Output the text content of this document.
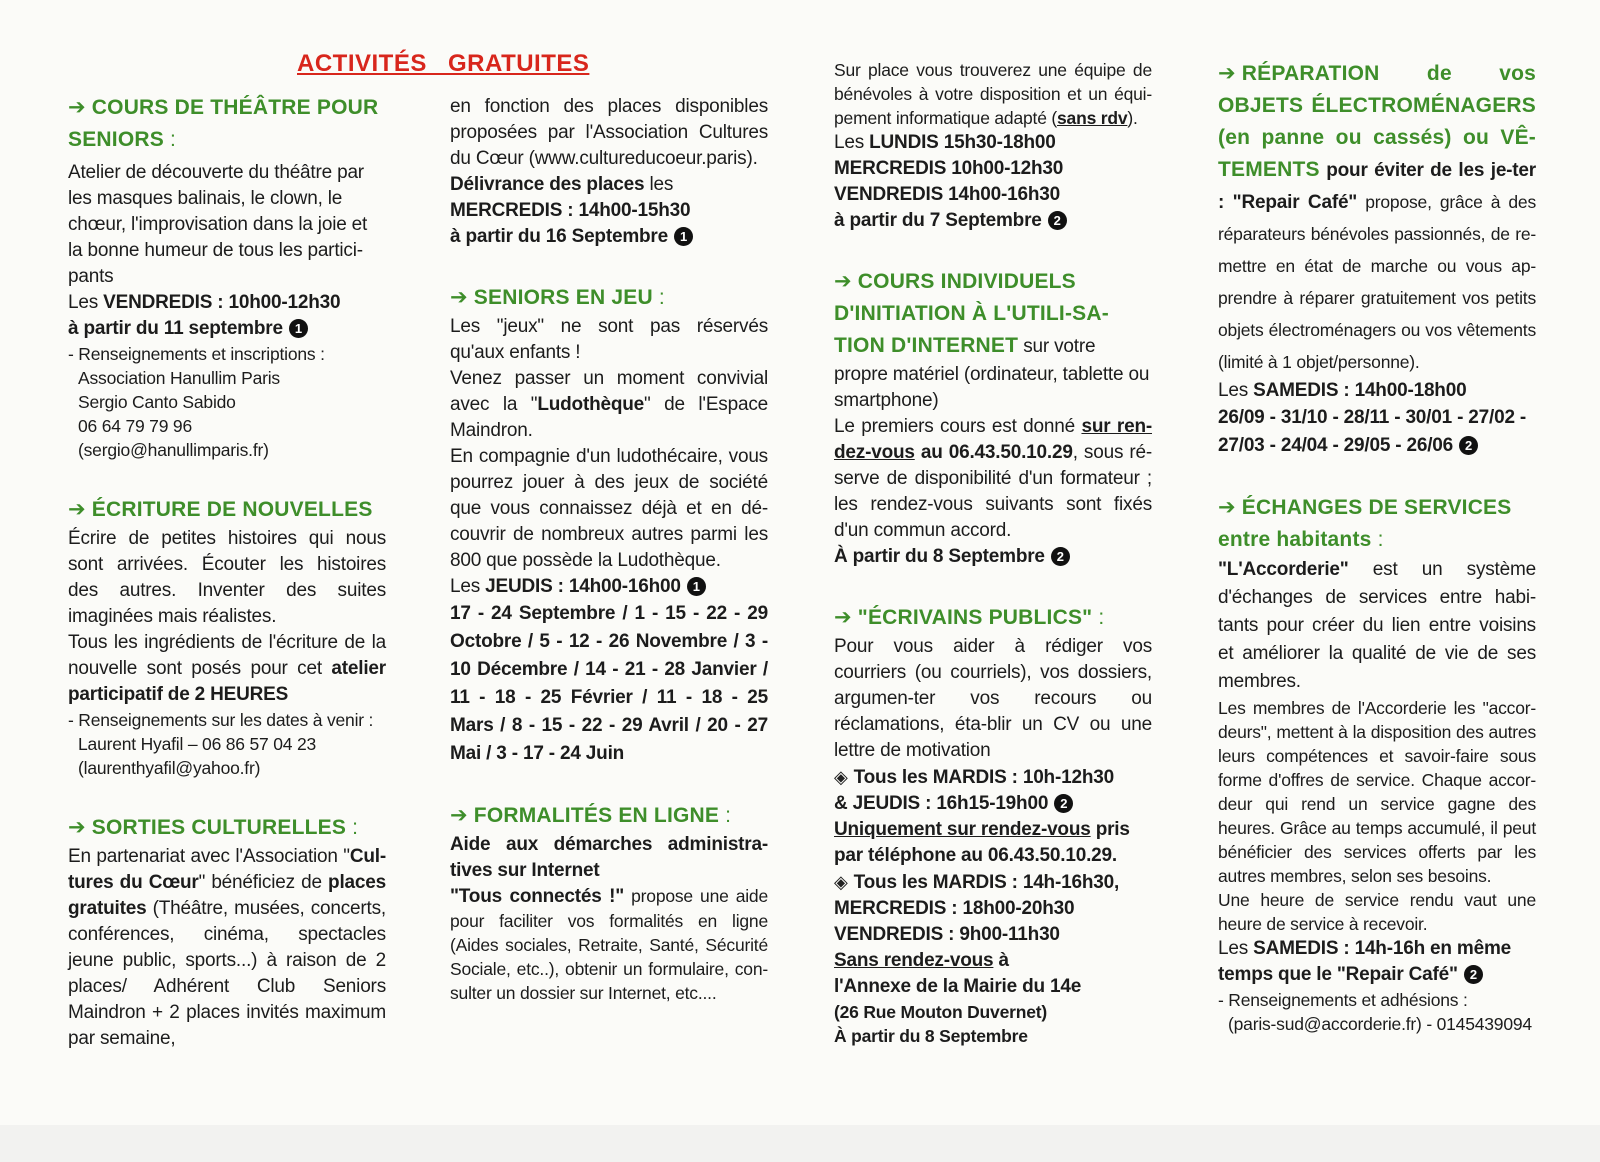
ACTIVITÉS GRATUITES
➔ COURS DE THÉÂTRE POUR SENIORS :
Atelier de découverte du théâtre par les masques balinais, le clown, le chœur, l'improvisation dans la joie et la bonne humeur de tous les partici-pants
Les VENDREDIS : 10h00-12h30
à partir du 11 septembre 1
- Renseignements et inscriptions :
Association Hanullim Paris
Sergio Canto Sabido
06 64 79 79 96
(sergio@hanullimparis.fr)
➔ ÉCRITURE DE NOUVELLES
Écrire de petites histoires qui nous sont arrivées. Écouter les histoires des autres. Inventer des suites imaginées mais réalistes.
Tous les ingrédients de l'écriture de la nouvelle sont posés pour cet atelier participatif de 2 HEURES
- Renseignements sur les dates à venir :
Laurent Hyafil – 06 86 57 04 23
(laurenthyafil@yahoo.fr)
➔ SORTIES CULTURELLES :
En partenariat avec l'Association "Cul-tures du Cœur" bénéficiez de places gratuites (Théâtre, musées, concerts, conférences, cinéma, spectacles jeune public, sports...) à raison de 2 places/ Adhérent Club Seniors Maindron + 2 places invités maximum par semaine,
en fonction des places disponibles proposées par l'Association Cultures du Cœur (www.cultureducoeur.paris).
Délivrance des places les
MERCREDIS : 14h00-15h30
à partir du 16 Septembre 1
➔ SENIORS EN JEU :
Les "jeux" ne sont pas réservés qu'aux enfants !
Venez passer un moment convivial avec la "Ludothèque" de l'Espace Maindron.
En compagnie d'un ludothécaire, vous pourrez jouer à des jeux de société que vous connaissez déjà et en dé-couvrir de nombreux autres parmi les 800 que possède la Ludothèque.
Les JEUDIS : 14h00-16h00 1
17 - 24 Septembre / 1 - 15 - 22 - 29 Octobre / 5 - 12 - 26 Novembre / 3 - 10 Décembre / 14 - 21 - 28 Janvier / 11 - 18 - 25 Février / 11 - 18 - 25 Mars / 8 - 15 - 22 - 29 Avril / 20 - 27 Mai / 3 - 17 - 24 Juin
➔ FORMALITÉS EN LIGNE :
Aide aux démarches administra-tives sur Internet
"Tous connectés !" propose une aide pour faciliter vos formalités en ligne (Aides sociales, Retraite, Santé, Sécurité Sociale, etc..), obtenir un formulaire, con-sulter un dossier sur Internet, etc....
Sur place vous trouverez une équipe de bénévoles à votre disposition et un équi-pement informatique adapté (sans rdv).
Les LUNDIS 15h30-18h00
MERCREDIS 10h00-12h30
VENDREDIS 14h00-16h30
à partir du 7 Septembre 2
➔ COURS INDIVIDUELS D'INITIATION À L'UTILI-SA-TION D'INTERNET sur votre propre matériel (ordinateur, tablette ou smartphone)
Le premiers cours est donné sur ren-dez-vous au 06.43.50.10.29, sous ré-serve de disponibilité d'un formateur ; les rendez-vous suivants sont fixés d'un commun accord.
À partir du 8 Septembre 2
➔ "ÉCRIVAINS PUBLICS" :
Pour vous aider à rédiger vos courriers (ou courriels), vos dossiers, argumen-ter vos recours ou réclamations, éta-blir un CV ou une lettre de motivation
◈ Tous les MARDIS : 10h-12h30
& JEUDIS : 16h15-19h00 2
Uniquement sur rendez-vous pris par téléphone au 06.43.50.10.29.
◈ Tous les MARDIS : 14h-16h30,
MERCREDIS : 18h00-20h30
VENDREDIS : 9h00-11h30
Sans rendez-vous à
l'Annexe de la Mairie du 14e
(26 Rue Mouton Duvernet)
À partir du 8 Septembre
➔ RÉPARATION de vos OBJETS ÉLECTROMÉNAGERS (en panne ou cassés) ou VÊ-TEMENTS pour éviter de les je-ter : "Repair Café" propose, grâce à des réparateurs bénévoles passionnés, de re-mettre en état de marche ou vous ap-prendre à réparer gratuitement vos petits objets électroménagers ou vos vêtements (limité à 1 objet/personne).
Les SAMEDIS : 14h00-18h00
26/09 - 31/10 - 28/11 - 30/01 - 27/02 - 27/03 - 24/04 - 29/05 - 26/06 2
➔ ÉCHANGES DE SERVICES entre habitants :
"L'Accorderie" est un système d'échanges de services entre habi-tants pour créer du lien entre voisins et améliorer la qualité de vie de ses membres.
Les membres de l'Accorderie les "accor-deurs", mettent à la disposition des autres leurs compétences et savoir-faire sous forme d'offres de service. Chaque accor-deur qui rend un service gagne des heures. Grâce au temps accumulé, il peut bénéficier des services offerts par les autres membres, selon ses besoins.
Une heure de service rendu vaut une heure de service à recevoir.
Les SAMEDIS : 14h-16h en même temps que le "Repair Café" 2
- Renseignements et adhésions :
(paris-sud@accorderie.fr) - 0145439094
